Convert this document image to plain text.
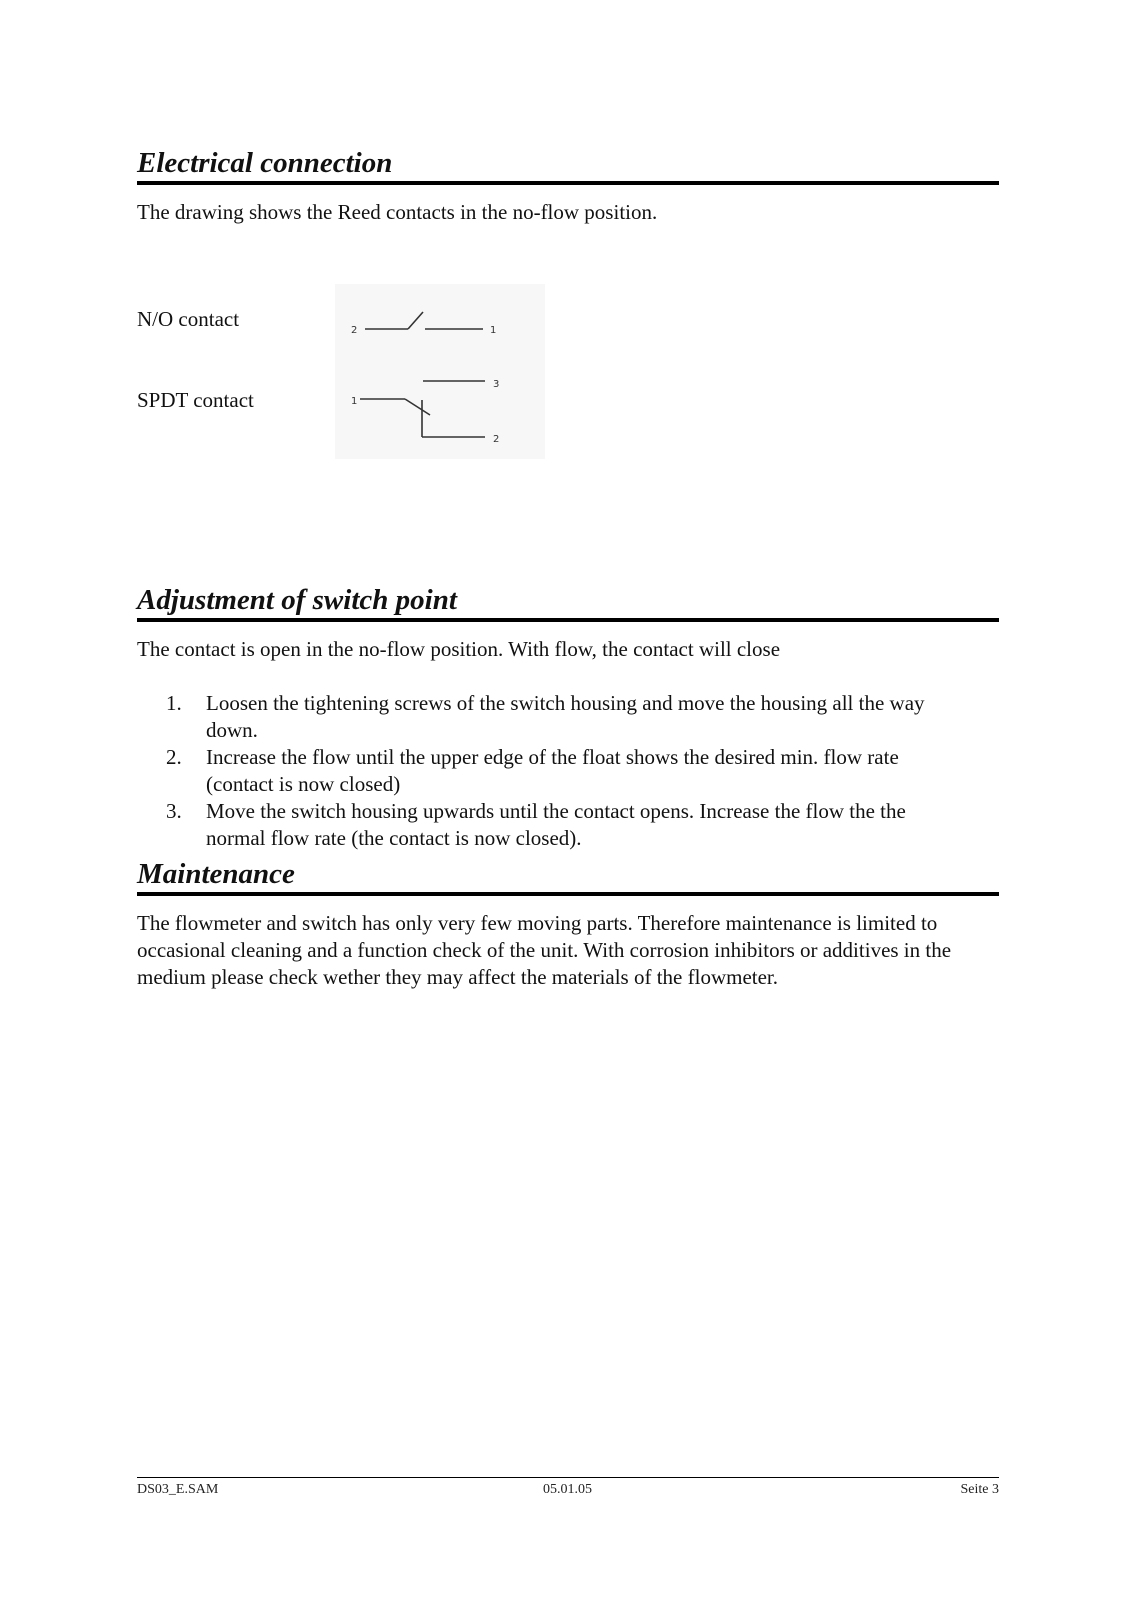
Electrical connection

The drawing shows the Reed contacts in the no-flow position.

N/O contact

SPDT contact

2	1
1
3
2
Adjustment of switch point

The contact is open in the no-flow position. With flow, the contact will close

1. Loosen the tightening screws of the switch housing and move the housing all the way down.
2. Increase the flow until the upper edge of the float shows the desired min. flow rate (contact is now closed)
3. Move the switch housing upwards until the contact opens. Increase the flow the the normal flow rate (the contact is now closed).
Maintenance

The flowmeter and switch has only very few moving parts. Therefore maintenance is limited to occasional cleaning and a function check of the unit. With corrosion inhibitors or additives in the medium please check wether they may affect the materials of the flowmeter.

DS03_E.SAM	05.01.05	Seite 3
